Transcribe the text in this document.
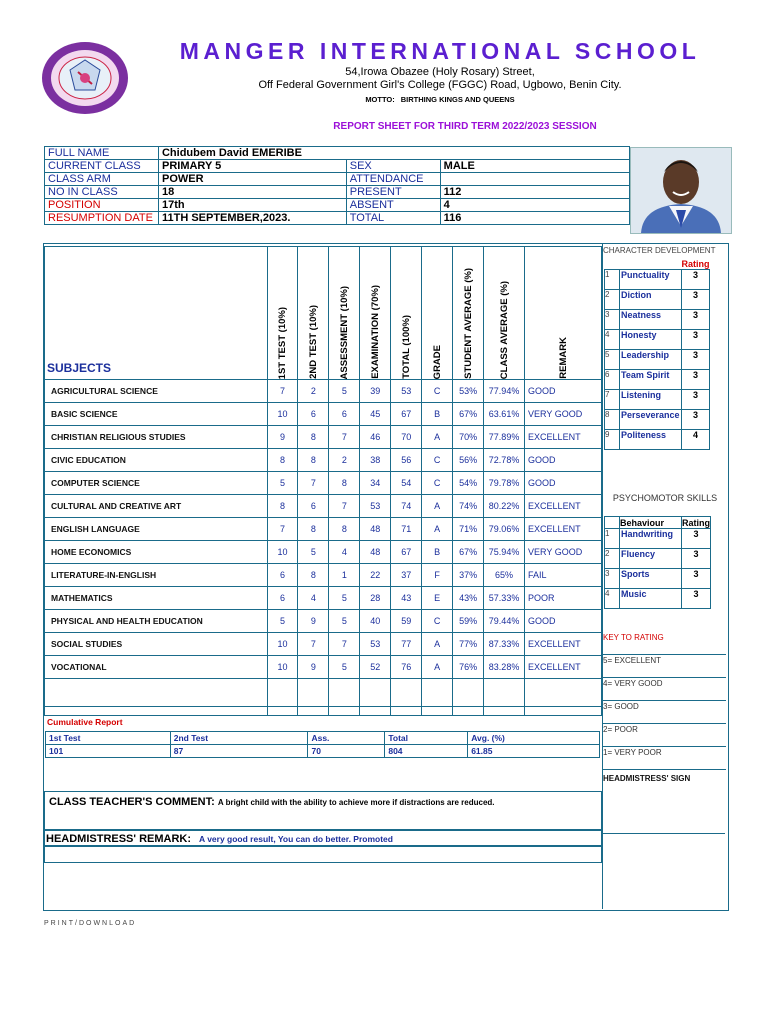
MANGER INTERNATIONAL SCHOOL
54,Irowa Obazee (Holy Rosary) Street,
Off Federal Government Girl's College (FGGC) Road, Ugbowo, Benin City.
MOTTO: BIRTHING KINGS AND QUEENS
REPORT SHEET FOR THIRD TERM 2022/2023 SESSION
FULL NAME	Chidubem David EMERIBE		
CURRENT CLASS	PRIMARY 5	SEX	MALE
CLASS ARM	POWER	ATTENDANCE	
NO IN CLASS	18	PRESENT	112
POSITION	17th	ABSENT	4
RESUMPTION DATE	11TH SEPTEMBER,2023.	TOTAL	116
SUBJECTS	1ST TEST (10%)	2ND TEST (10%)	ASSESSMENT (10%)	EXAMINATION (70%)	TOTAL (100%)	GRADE	STUDENT AVERAGE (%)	CLASS AVERAGE (%)	REMARK

AGRICULTURAL SCIENCE	7	2	5	39	53	C	53%	77.94%	GOOD
BASIC SCIENCE	10	6	6	45	67	B	67%	63.61%	VERY GOOD
CHRISTIAN RELIGIOUS STUDIES	9	8	7	46	70	A	70%	77.89%	EXCELLENT
CIVIC EDUCATION	8	8	2	38	56	C	56%	72.78%	GOOD
COMPUTER SCIENCE	5	7	8	34	54	C	54%	79.78%	GOOD
CULTURAL AND CREATIVE ART	8	6	7	53	74	A	74%	80.22%	EXCELLENT
ENGLISH LANGUAGE	7	8	8	48	71	A	71%	79.06%	EXCELLENT
HOME ECONOMICS	10	5	4	48	67	B	67%	75.94%	VERY GOOD
LITERATURE-IN-ENGLISH	6	8	1	22	37	F	37%	65%	FAIL
MATHEMATICS	6	4	5	28	43	E	43%	57.33%	POOR
PHYSICAL AND HEALTH EDUCATION	5	9	5	40	59	C	59%	79.44%	GOOD
SOCIAL STUDIES	10	7	7	53	77	A	77%	87.33%	EXCELLENT
VOCATIONAL	10	9	5	52	76	A	76%	83.28%	EXCELLENT

Cumulative Report
1st Test	2nd Test	Ass.	Total	Avg. (%)
101	87	70	804	61.85
CLASS TEACHER'S COMMENT: A bright child with the ability to achieve more if distractions are reduced.
HEADMISTRESS' REMARK: A very good result, You can do better. Promoted
CHARACTER DEVELOPMENT
		Rating
1	Punctuality	3
2	Diction	3
3	Neatness	3
4	Honesty	3
5	Leadership	3
6	Team Spirit	3
7	Listening	3
8	Perseverance	3
9	Politeness	4
PSYCHOMOTOR SKILLS
	Behaviour	Rating
1	Handwriting	3
2	Fluency	3
3	Sports	3
4	Music	3
KEY TO RATING
5= EXCELLENT
4= VERY GOOD
3= GOOD
2= POOR
1= VERY POOR
HEADMISTRESS' SIGN
PRINT/DOWNLOAD
